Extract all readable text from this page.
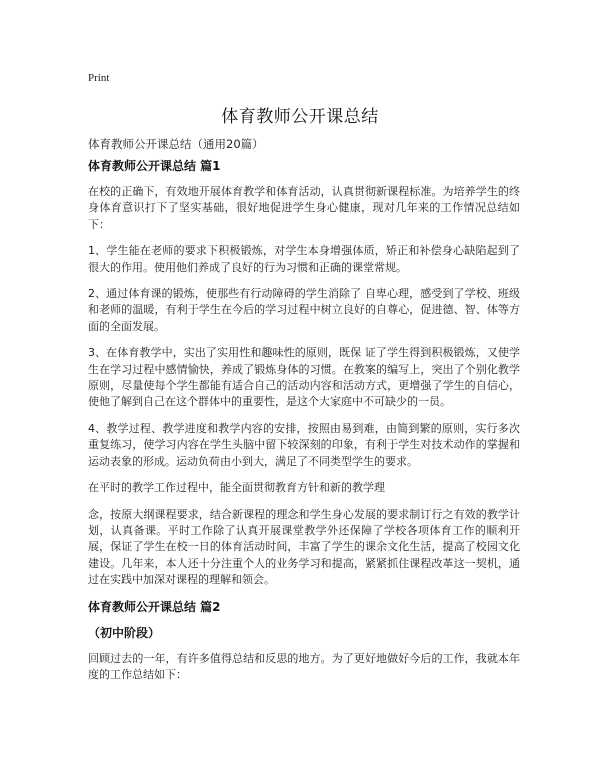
Print
体育教师公开课总结
体育教师公开课总结（通用20篇）
体育教师公开课总结 篇1

在校的正确下，有效地开展体育教学和体育活动，认真贯彻新课程标准。为培养学生的终身体育意识打下了坚实基础，很好地促进学生身心健康，现对几年来的工作情况总结如下：

1、学生能在老师的要求下积极锻炼，对学生本身增强体质，矫正和补偿身心缺陷起到了很大的作用。使用他们养成了良好的行为习惯和正确的课堂常规。

2、通过体育课的锻炼，使那些有行动障碍的学生消除了 自卑心理，感受到了学校、班级和老师的温暖，有利于学生在今后的学习过程中树立良好的自尊心，促进德、智、体等方面的全面发展。

3、在体育教学中，实出了实用性和趣味性的原则，既保 证了学生得到积极锻炼，又使学生在学习过程中感情愉快，养成了锻炼身体的习惯。在教案的编写上，突出了个别化教学原则，尽量使每个学生都能有适合自己的活动内容和活动方式，更增强了学生的自信心，使他了解到自己在这个群体中的重要性，是这个大家庭中不可缺少的一员。

4、教学过程、教学进度和教学内容的安排，按照由易到难，由简到繁的原则，实行多次重复练习，使学习内容在学生头脑中留下较深刻的印象，有利于学生对技术动作的掌握和运动表象的形成。运动负荷由小到大，满足了不同类型学生的要求。

在平时的教学工作过程中，能全面贯彻教育方针和新的教学理

念，按原大纲课程要求，结合新课程的理念和学生身心发展的要求制订行之有效的教学计划，认真备课。平时工作除了认真开展课堂教学外还保障了学校各项体育工作的顺利开展，保证了学生在校一日的体育活动时间，丰富了学生的课余文化生活，提高了校园文化建设。几年来，本人还十分注重个人的业务学习和提高，紧紧抓住课程改革这一契机，通过在实践中加深对课程的理解和领会。

体育教师公开课总结 篇2
（初中阶段）

回顾过去的一年，有许多值得总结和反思的地方。为了更好地做好今后的工作，我就本年度的工作总结如下：
